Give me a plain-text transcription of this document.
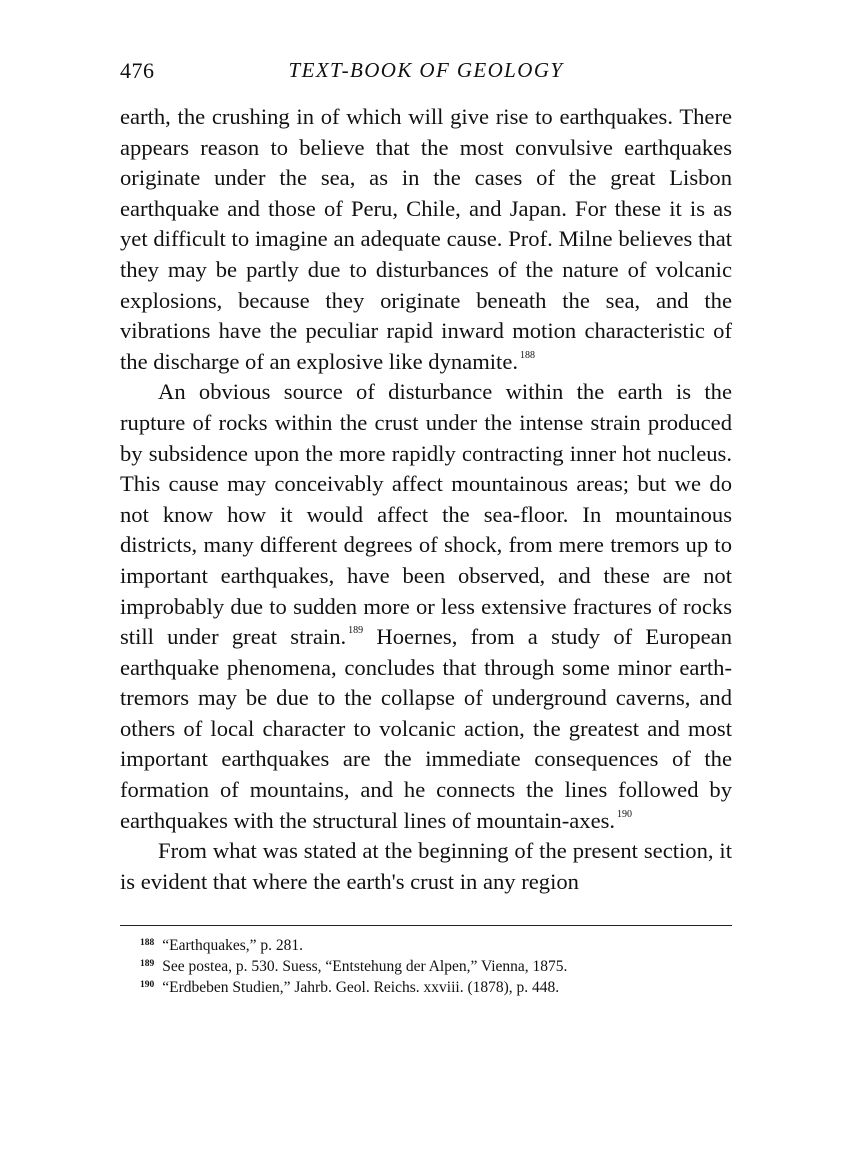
476	TEXT-BOOK OF GEOLOGY

earth, the crushing in of which will give rise to earthquakes. There appears reason to believe that the most convulsive earthquakes originate under the sea, as in the cases of the great Lisbon earthquake and those of Peru, Chile, and Japan. For these it is as yet difficult to imagine an adequate cause. Prof. Milne believes that they may be partly due to disturbances of the nature of volcanic explosions, because they originate beneath the sea, and the vibrations have the peculiar rapid inward motion characteristic of the discharge of an explosive like dynamite. $^{188}$

An obvious source of disturbance within the earth is the rupture of rocks within the crust under the intense strain produced by subsidence upon the more rapidly contracting inner hot nucleus. This cause may conceivably affect mountainous areas; but we do not know how it would affect the sea-floor. In mountainous districts, many different degrees of shock, from mere tremors up to important earthquakes, have been observed, and these are not improbably due to sudden more or less extensive fractures of rocks still under great strain. $^{189}$ Hoernes, from a study of European earthquake phenomena, concludes that through some minor earth-tremors may be due to the collapse of underground caverns, and others of local character to volcanic action, the greatest and most important earthquakes are the immediate consequences of the formation of mountains, and he connects the lines followed by earthquakes with the structural lines of mountain-axes. $^{190}$

From what was stated at the beginning of the present section, it is evident that where the earth's crust in any region

$^{188}$ “Earthquakes,” p. 281.

$^{189}$ See postea, p. 530. Suess, “Entstehung der Alpen,” Vienna, 1875.

$^{190}$ “Erdbeben Studien,” Jahrb. Geol. Reichs. xxviii. (1878), p. 448.
